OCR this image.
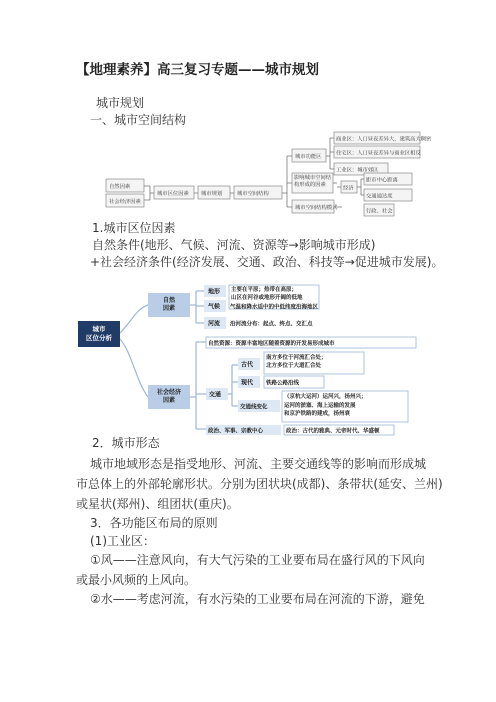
【地理素养】高三复习专题——城市规划
城市规划
一、城市空间结构
自然因素
社会经济因素
城市区位因素 城市规划	城市空间结构
城市功能区
影响城市空间结构形成的因素
城市空间结构模式
商业区：人口昼夜差异大，建筑高大稠密
住宅区：人口昼夜差异与商业区相反
工业区：城市郊区
经济
距市中心距离
交通通达度
行政、社会
1.城市区位因素
自然条件(地形、气候、河流、资源等→影响城市形成)
+社会经济条件(经济发展、交通、政治、科技等→促进城市发展)。
城市
区位分析
自然
因素
社会经济
因素
地形
气候
河流
主要在平原；热带在高原；
山区在河谷或地形开阔的低地
气温和降水适中的中低纬度沿海地区
沿河流分布：起点、终点、交汇点
自然资源：资源丰富地区随着资源的开发易形成城市
交通
古代
现代
交通线变化
南方多位于河流汇合处；
北方多位于大道汇合处
铁路公路沿线
（京杭大运河）运河兴，扬州兴；
运河的淤塞、海上运输的发展
和京沪铁路的建成，扬州衰
政治、军事、宗教中心	政治：古代的雅典、元帝时代、华盛顿
2．城市形态
城市地域形态是指受地形、河流、主要交通线等的影响而形成城
市总体上的外部轮廓形状。分别为团状块(成都)、条带状(延安、兰州)
或星状(郑州)、组团状(重庆)。
3．各功能区布局的原则
(1)工业区：
①风——注意风向，有大气污染的工业要布局在盛行风的下风向
或最小风频的上风向。
②水——考虑河流，有水污染的工业要布局在河流的下游，避免
